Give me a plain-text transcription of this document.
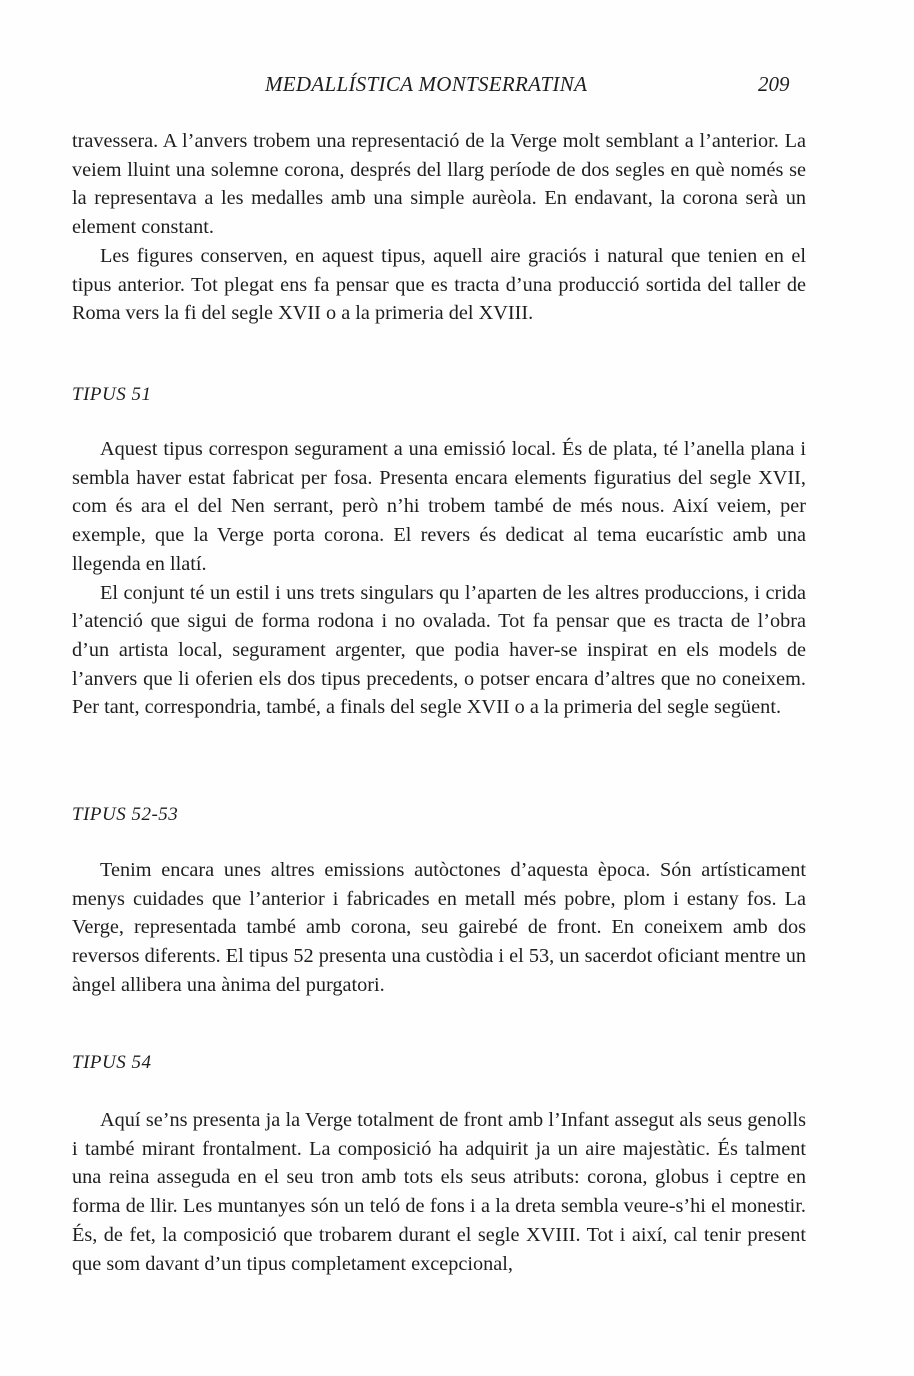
MEDALLÍSTICA MONTSERRATINA	209

travessera. A l’anvers trobem una representació de la Verge molt semblant a l’anterior. La veiem lluint una solemne corona, després del llarg període de dos segles en què només se la representava a les medalles amb una simple aurèola. En endavant, la corona serà un element constant.

Les figures conserven, en aquest tipus, aquell aire graciós i natural que tenien en el tipus anterior. Tot plegat ens fa pensar que es tracta d’una producció sortida del taller de Roma vers la fi del segle XVII o a la primeria del XVIII.

TIPUS 51

Aquest tipus correspon segurament a una emissió local. És de plata, té l’anella plana i sembla haver estat fabricat per fosa. Presenta encara elements figuratius del segle XVII, com és ara el del Nen serrant, però n’hi trobem també de més nous. Així veiem, per exemple, que la Verge porta corona. El revers és dedicat al tema eucarístic amb una llegenda en llatí.

El conjunt té un estil i uns trets singulars qu l’aparten de les altres produccions, i crida l’atenció que sigui de forma rodona i no ovalada. Tot fa pensar que es tracta de l’obra d’un artista local, segurament argenter, que podia haver-se inspirat en els models de l’anvers que li oferien els dos tipus precedents, o potser encara d’altres que no coneixem. Per tant, correspondria, també, a finals del segle XVII o a la primeria del segle següent.

TIPUS 52-53

Tenim encara unes altres emissions autòctones d’aquesta època. Són artísticament menys cuidades que l’anterior i fabricades en metall més pobre, plom i estany fos. La Verge, representada també amb corona, seu gairebé de front. En coneixem amb dos reversos diferents. El tipus 52 presenta una custòdia i el 53, un sacerdot oficiant mentre un àngel allibera una ànima del purgatori.

TIPUS 54

Aquí se’ns presenta ja la Verge totalment de front amb l’Infant assegut als seus genolls i també mirant frontalment. La composició ha adquirit ja un aire majestàtic. És talment una reina asseguda en el seu tron amb tots els seus atributs: corona, globus i ceptre en forma de llir. Les muntanyes són un teló de fons i a la dreta sembla veure-s’hi el monestir. És, de fet, la composició que trobarem durant el segle XVIII. Tot i així, cal tenir present que som davant d’un tipus completament excepcional,
